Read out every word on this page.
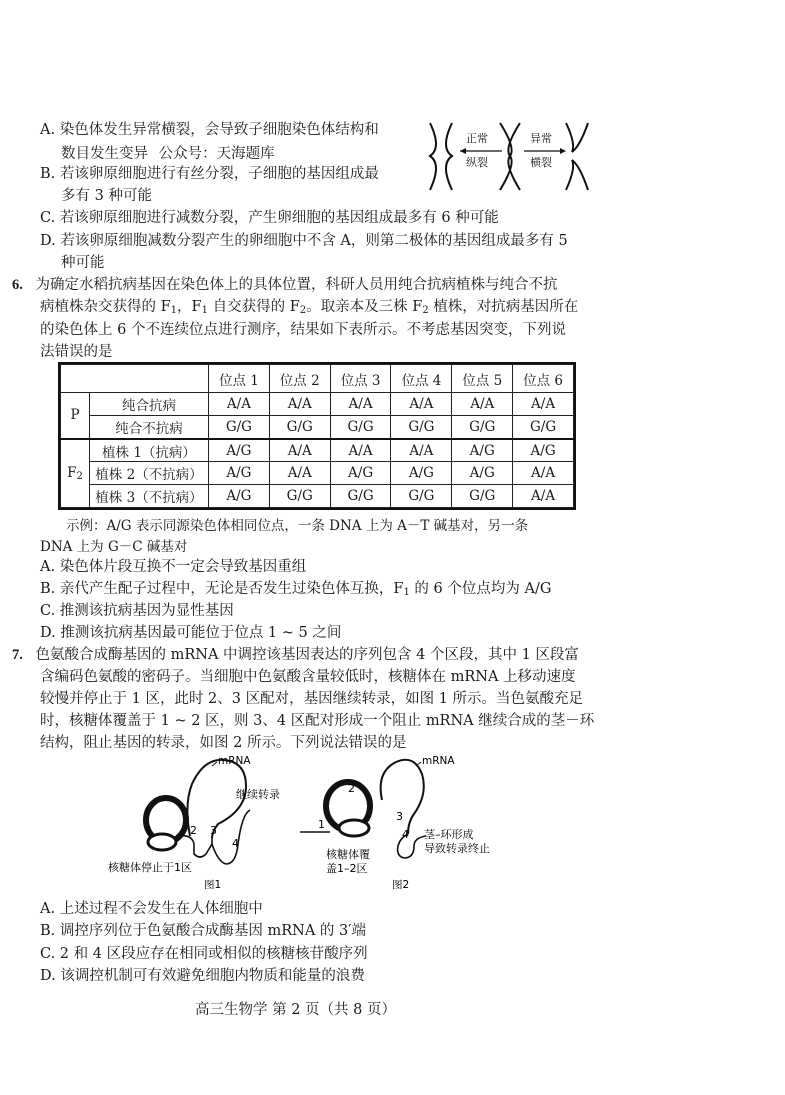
A. 染色体发生异常横裂，会导致子细胞染色体结构和
数目发生变异 公众号：天海题库
B. 若该卵原细胞进行有丝分裂，子细胞的基因组成最
多有 3 种可能
C. 若该卵原细胞进行减数分裂，产生卵细胞的基因组成最多有 6 种可能
D. 若该卵原细胞减数分裂产生的卵细胞中不含 A，则第二极体的基因组成最多有 5
种可能
正常
纵裂
异常
横裂
6. 为确定水稻抗病基因在染色体上的具体位置，科研人员用纯合抗病植株与纯合不抗
病植株杂交获得的 $F_1$，$F_1$ 自交获得的 $F_2$。取亲本及三株 $F_2$ 植株，对抗病基因所在
的染色体上 6 个不连续位点进行测序，结果如下表所示。不考虑基因突变，下列说
法错误的是
		位点 1	位点 2	位点 3	位点 4	位点 5	位点 6
P	纯合抗病	A/A	A/A	A/A	A/A	A/A	A/A
	纯合不抗病	G/G	G/G	G/G	G/G	G/G	G/G
$F_2$	植株 1（抗病）	A/G	A/A	A/A	A/A	A/G	A/G
	植株 2（不抗病）	A/G	A/A	A/G	A/G	A/G	A/A
	植株 3（不抗病）	A/G	G/G	G/G	G/G	G/G	A/A
示例：A/G 表示同源染色体相同位点，一条 DNA 上为 A－T 碱基对，另一条
DNA 上为 G－C 碱基对
A. 染色体片段互换不一定会导致基因重组
B. 亲代产生配子过程中，无论是否发生过染色体互换，$F_1$ 的 6 个位点均为 A/G
C. 推测该抗病基因为显性基因
D. 推测该抗病基因最可能位于位点 1 ~ 5 之间
7. 色氨酸合成酶基因的 mRNA 中调控该基因表达的序列包含 4 个区段，其中 1 区段富
含编码色氨酸的密码子。当细胞中色氨酸含量较低时，核糖体在 mRNA 上移动速度
较慢并停止于 1 区，此时 2、3 区配对，基因继续转录，如图 1 所示。当色氨酸充足
时，核糖体覆盖于 1 ~ 2 区，则 3、4 区配对形成一个阻止 mRNA 继续合成的茎－环
结构，阻止基因的转录，如图 2 所示。下列说法错误的是
mRNA
继续转录
1	2 3
4
核糖体停止于1区
图1
mRNA
1
2
3
4 茎–环形成
导致转录终止
核糖体覆
盖1–2区
图2
A. 上述过程不会发生在人体细胞中
B. 调控序列位于色氨酸合成酶基因 mRNA 的 3′端
C. 2 和 4 区段应存在相同或相似的核糖核苷酸序列
D. 该调控机制可有效避免细胞内物质和能量的浪费
高三生物学 第 2 页（共 8 页）
